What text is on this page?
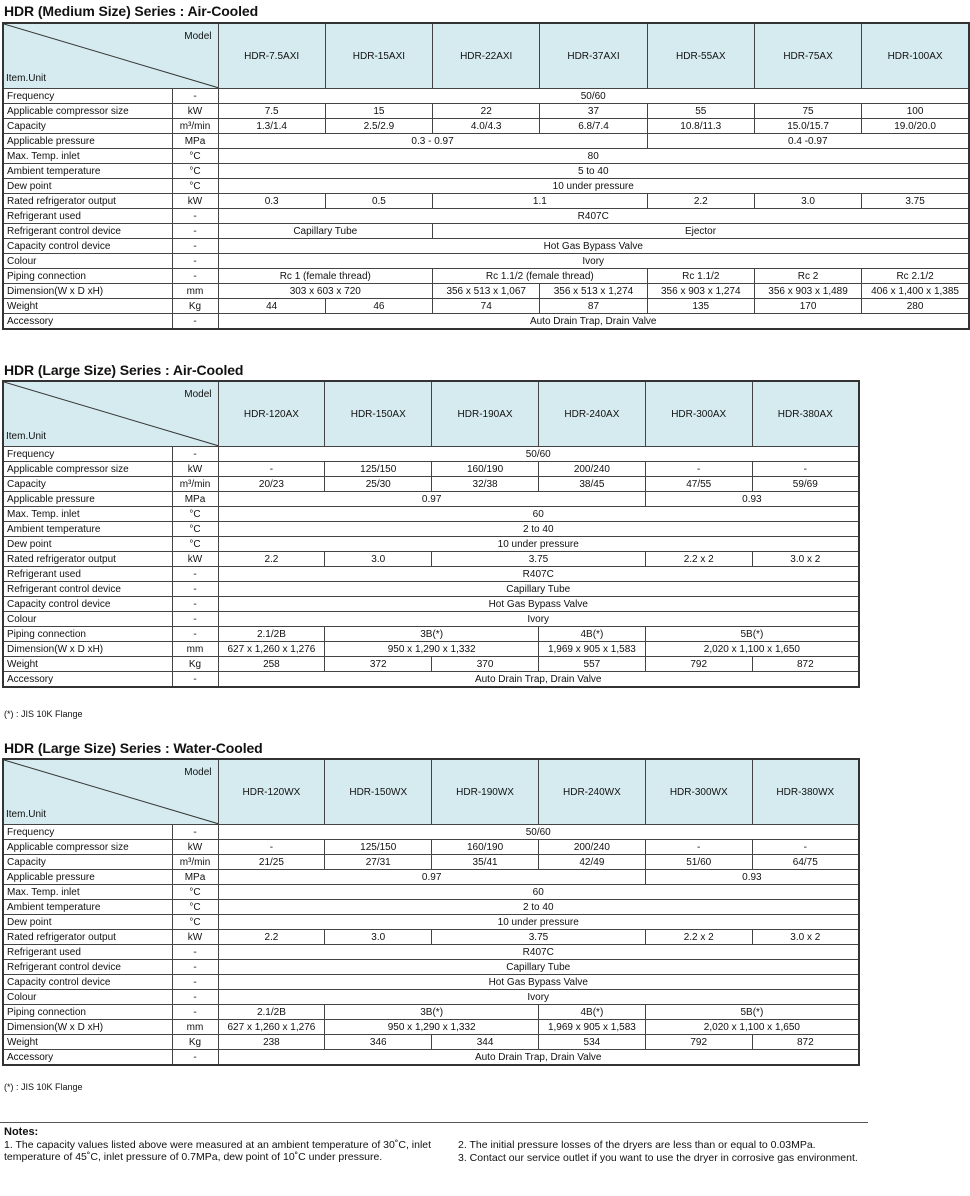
HDR (Medium Size) Series : Air-Cooled
Model
Item.Unit		HDR-7.5AXI	HDR-15AXI	HDR-22AXI	HDR-37AXI	HDR-55AX	HDR-75AX	HDR-100AX
Frequency	-	50/60						
Applicable compressor size	kW	7.5	15	22	37	55	75	100
Capacity	m³/min	1.3/1.4	2.5/2.9	4.0/4.3	6.8/7.4	10.8/11.3	15.0/15.7	19.0/20.0
Applicable pressure	MPa	0.3 - 0.97				0.4 -0.97		
Max. Temp. inlet	°C	80						
Ambient temperature	°C	5 to 40						
Dew point	°C	10 under pressure						
Rated refrigerator output	kW	0.3	0.5	1.1		2.2	3.0	3.75
Refrigerant used	-	R407C						
Refrigerant control device	-	Capillary Tube		Ejector				
Capacity control device	-	Hot Gas Bypass Valve						
Colour	-	Ivory						
Piping connection	-	Rc 1 (female thread)		Rc 1.1/2 (female thread)		Rc 1.1/2	Rc 2	Rc 2.1/2
Dimension(W x D xH)	mm	303 x 603 x 720		356 x 513 x 1,067	356 x 513 x 1,274	356 x 903 x 1,274	356 x 903 x 1,489	406 x 1,400 x 1,385
Weight	Kg	44	46	74	87	135	170	280
Accessory	-	Auto Drain Trap, Drain Valve						
HDR (Large Size) Series : Air-Cooled
Model
Item.Unit		HDR-120AX	HDR-150AX	HDR-190AX	HDR-240AX	HDR-300AX	HDR-380AX
Frequency	-	50/60					
Applicable compressor size	kW	-	125/150	160/190	200/240	-	-
Capacity	m³/min	20/23	25/30	32/38	38/45	47/55	59/69
Applicable pressure	MPa	0.97				0.93	
Max. Temp. inlet	°C	60					
Ambient temperature	°C	2 to 40					
Dew point	°C	10 under pressure					
Rated refrigerator output	kW	2.2	3.0	3.75		2.2 x 2	3.0 x 2
Refrigerant used	-	R407C					
Refrigerant control device	-	Capillary Tube					
Capacity control device	-	Hot Gas Bypass Valve					
Colour	-	Ivory					
Piping connection	-	2.1/2B	3B(*)		4B(*)	5B(*)	
Dimension(W x D xH)	mm	627 x 1,260 x 1,276	950 x 1,290 x 1,332		1,969 x 905 x 1,583	2,020 x 1,100 x 1,650	
Weight	Kg	258	372	370	557	792	872
Accessory	-	Auto Drain Trap, Drain Valve					
(*) : JIS 10K Flange
HDR (Large Size) Series : Water-Cooled
Model
Item.Unit		HDR-120WX	HDR-150WX	HDR-190WX	HDR-240WX	HDR-300WX	HDR-380WX
Frequency	-	50/60					
Applicable compressor size	kW	-	125/150	160/190	200/240	-	-
Capacity	m³/min	21/25	27/31	35/41	42/49	51/60	64/75
Applicable pressure	MPa	0.97				0.93	
Max. Temp. inlet	°C	60					
Ambient temperature	°C	2 to 40					
Dew point	°C	10 under pressure					
Rated refrigerator output	kW	2.2	3.0	3.75		2.2 x 2	3.0 x 2
Refrigerant used	-	R407C					
Refrigerant control device	-	Capillary Tube					
Capacity control device	-	Hot Gas Bypass Valve					
Colour	-	Ivory					
Piping connection	-	2.1/2B	3B(*)		4B(*)	5B(*)	
Dimension(W x D xH)	mm	627 x 1,260 x 1,276	950 x 1,290 x 1,332		1,969 x 905 x 1,583	2,020 x 1,100 x 1,650	
Weight	Kg	238	346	344	534	792	872
Accessory	-	Auto Drain Trap, Drain Valve					
(*) : JIS 10K Flange
Notes:
1. The capacity values listed above were measured at an ambient temperature of 30˚C, inlet temperature of 45˚C, inlet pressure of 0.7MPa, dew point of 10˚C under pressure.
2. The initial pressure losses of the dryers are less than or equal to 0.03MPa.
3. Contact our service outlet if you want to use the dryer in corrosive gas environment.
